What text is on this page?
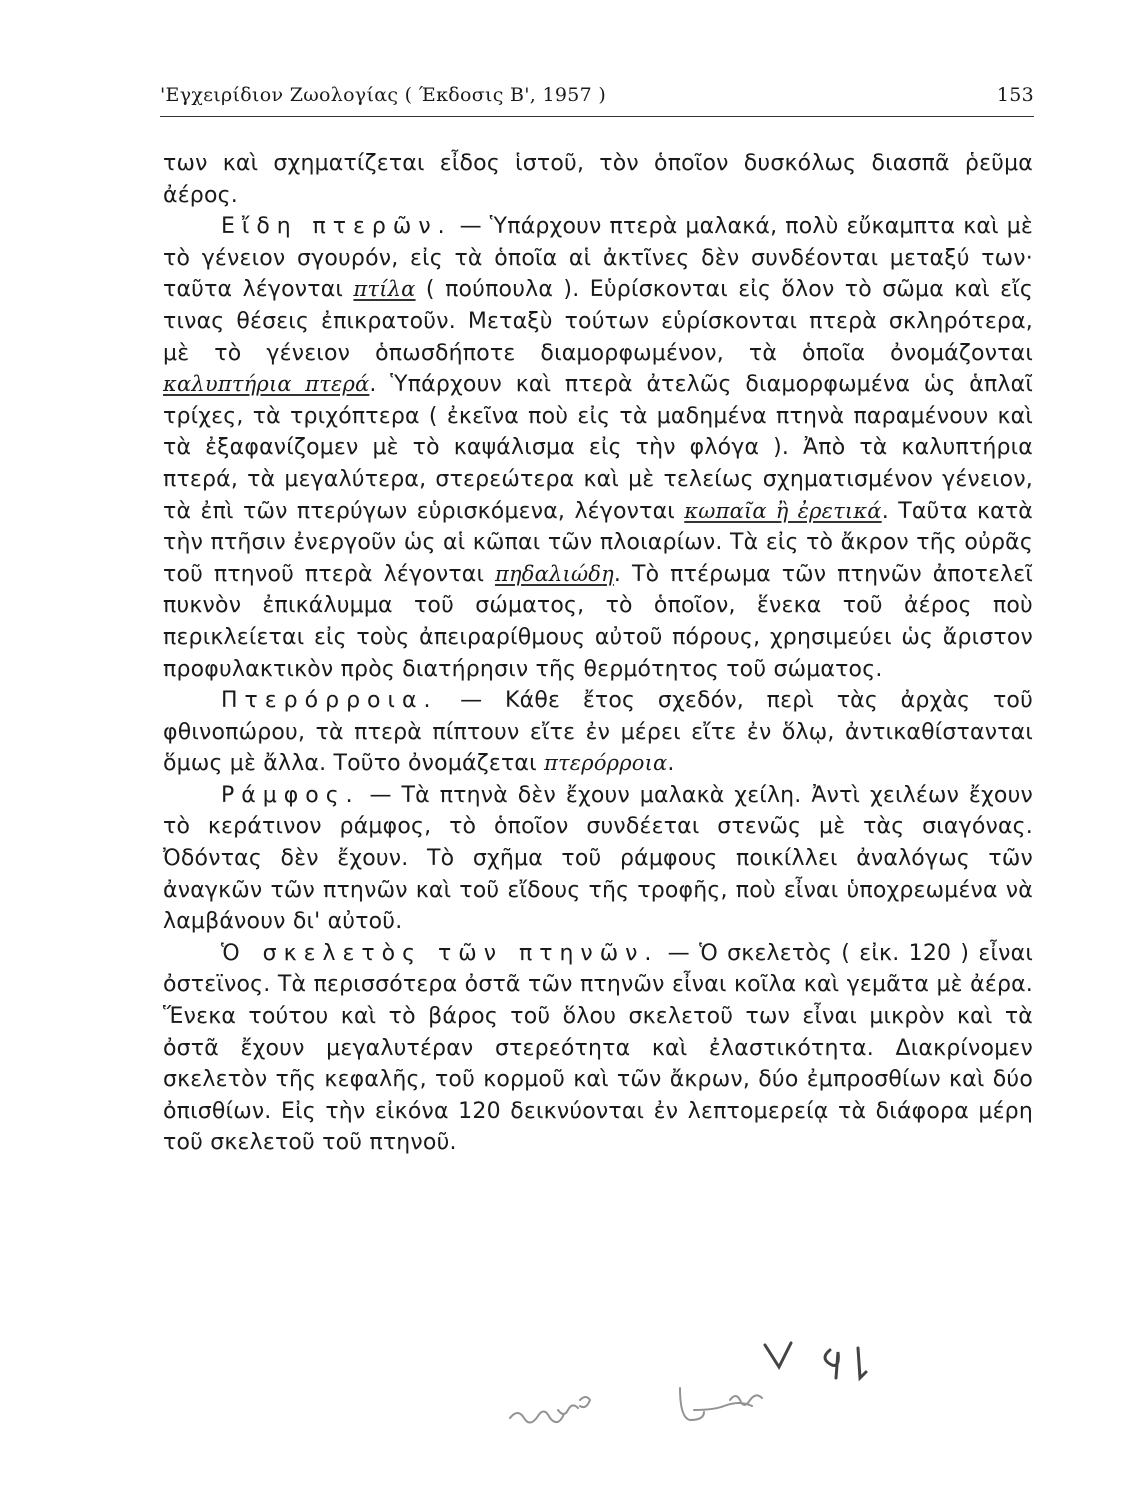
'Εγχειρίδιον Ζωολογίας ( Έκδοσις Β', 1957 )	153

των καὶ σχηματίζεται εἶδος ἱστοῦ, τὸν ὁποῖον δυσκόλως διασπᾶ ῥεῦμα ἀέρος.

Εἴδη πτερῶν. — Ὑπάρχουν πτερὰ μαλακά, πολὺ εὔκαμπτα καὶ μὲ τὸ γένειον σγουρόν, εἰς τὰ ὁποῖα αἱ ἀκτῖνες δὲν συνδέονται μεταξύ των· ταῦτα λέγονται πτίλα ( πούπουλα ). Εὑρίσκονται εἰς ὅλον τὸ σῶμα καὶ εἴς τινας θέσεις ἐπικρατοῦν. Μεταξὺ τούτων εὑρίσκονται πτερὰ σκληρότερα, μὲ τὸ γένειον ὁπωσδήποτε διαμορφωμένον, τὰ ὁποῖα ὀνομάζονται καλυπτήρια πτερά. Ὑπάρχουν καὶ πτερὰ ἀτελῶς διαμορφωμένα ὡς ἁπλαῖ τρίχες, τὰ τριχόπτερα ( ἐκεῖνα ποὺ εἰς τὰ μαδημένα πτηνὰ παραμένουν καὶ τὰ ἐξαφανίζομεν μὲ τὸ καψάλισμα εἰς τὴν φλόγα ). Ἀπὸ τὰ καλυπτήρια πτερά, τὰ μεγαλύτερα, στερεώτερα καὶ μὲ τελείως σχηματισμένον γένειον, τὰ ἐπὶ τῶν πτερύγων εὑρισκόμενα, λέγονται κωπαῖα ἢ ἐρετικά. Ταῦτα κατὰ τὴν πτῆσιν ἐνεργοῦν ὡς αἱ κῶπαι τῶν πλοιαρίων. Τὰ εἰς τὸ ἄκρον τῆς οὐρᾶς τοῦ πτηνοῦ πτερὰ λέγονται πηδαλιώδη. Τὸ πτέρωμα τῶν πτηνῶν ἀποτελεῖ πυκνὸν ἐπικάλυμμα τοῦ σώματος, τὸ ὁποῖον, ἕνεκα τοῦ ἀέρος ποὺ περικλείεται εἰς τοὺς ἀπειραρίθμους αὐτοῦ πόρους, χρησιμεύει ὡς ἄριστον προφυλακτικὸν πρὸς διατήρησιν τῆς θερμότητος τοῦ σώματος.

Πτερόρροια. — Κάθε ἔτος σχεδόν, περὶ τὰς ἀρχὰς τοῦ φθινοπώρου, τὰ πτερὰ πίπτουν εἴτε ἐν μέρει εἴτε ἐν ὅλῳ, ἀντικαθίστανται ὅμως μὲ ἄλλα. Τοῦτο ὀνομάζεται πτερόρροια.

Ράμφος. — Τὰ πτηνὰ δὲν ἔχουν μαλακὰ χείλη. Ἀντὶ χειλέων ἔχουν τὸ κεράτινον ράμφος, τὸ ὁποῖον συνδέεται στενῶς μὲ τὰς σιαγόνας. Ὀδόντας δὲν ἔχουν. Τὸ σχῆμα τοῦ ράμφους ποικίλλει ἀναλόγως τῶν ἀναγκῶν τῶν πτηνῶν καὶ τοῦ εἴδους τῆς τροφῆς, ποὺ εἶναι ὑποχρεωμένα νὰ λαμβάνουν δι' αὐτοῦ.

Ὁ σκελετὸς τῶν πτηνῶν. — Ὁ σκελετὸς ( εἰκ. 120 ) εἶναι ὀστεϊνος. Τὰ περισσότερα ὀστᾶ τῶν πτηνῶν εἶναι κοῖλα καὶ γεμᾶτα μὲ ἀέρα. Ἕνεκα τούτου καὶ τὸ βάρος τοῦ ὅλου σκελετοῦ των εἶναι μικρὸν καὶ τὰ ὀστᾶ ἔχουν μεγαλυτέραν στερεότητα καὶ ἐλαστικότητα. Διακρίνομεν σκελετὸν τῆς κεφαλῆς, τοῦ κορμοῦ καὶ τῶν ἄκρων, δύο ἐμπροσθίων καὶ δύο ὀπισθίων. Εἰς τὴν εἰκόνα 120 δεικνύονται ἐν λεπτομερείᾳ τὰ διάφορα μέρη τοῦ σκελετοῦ τοῦ πτηνοῦ.
